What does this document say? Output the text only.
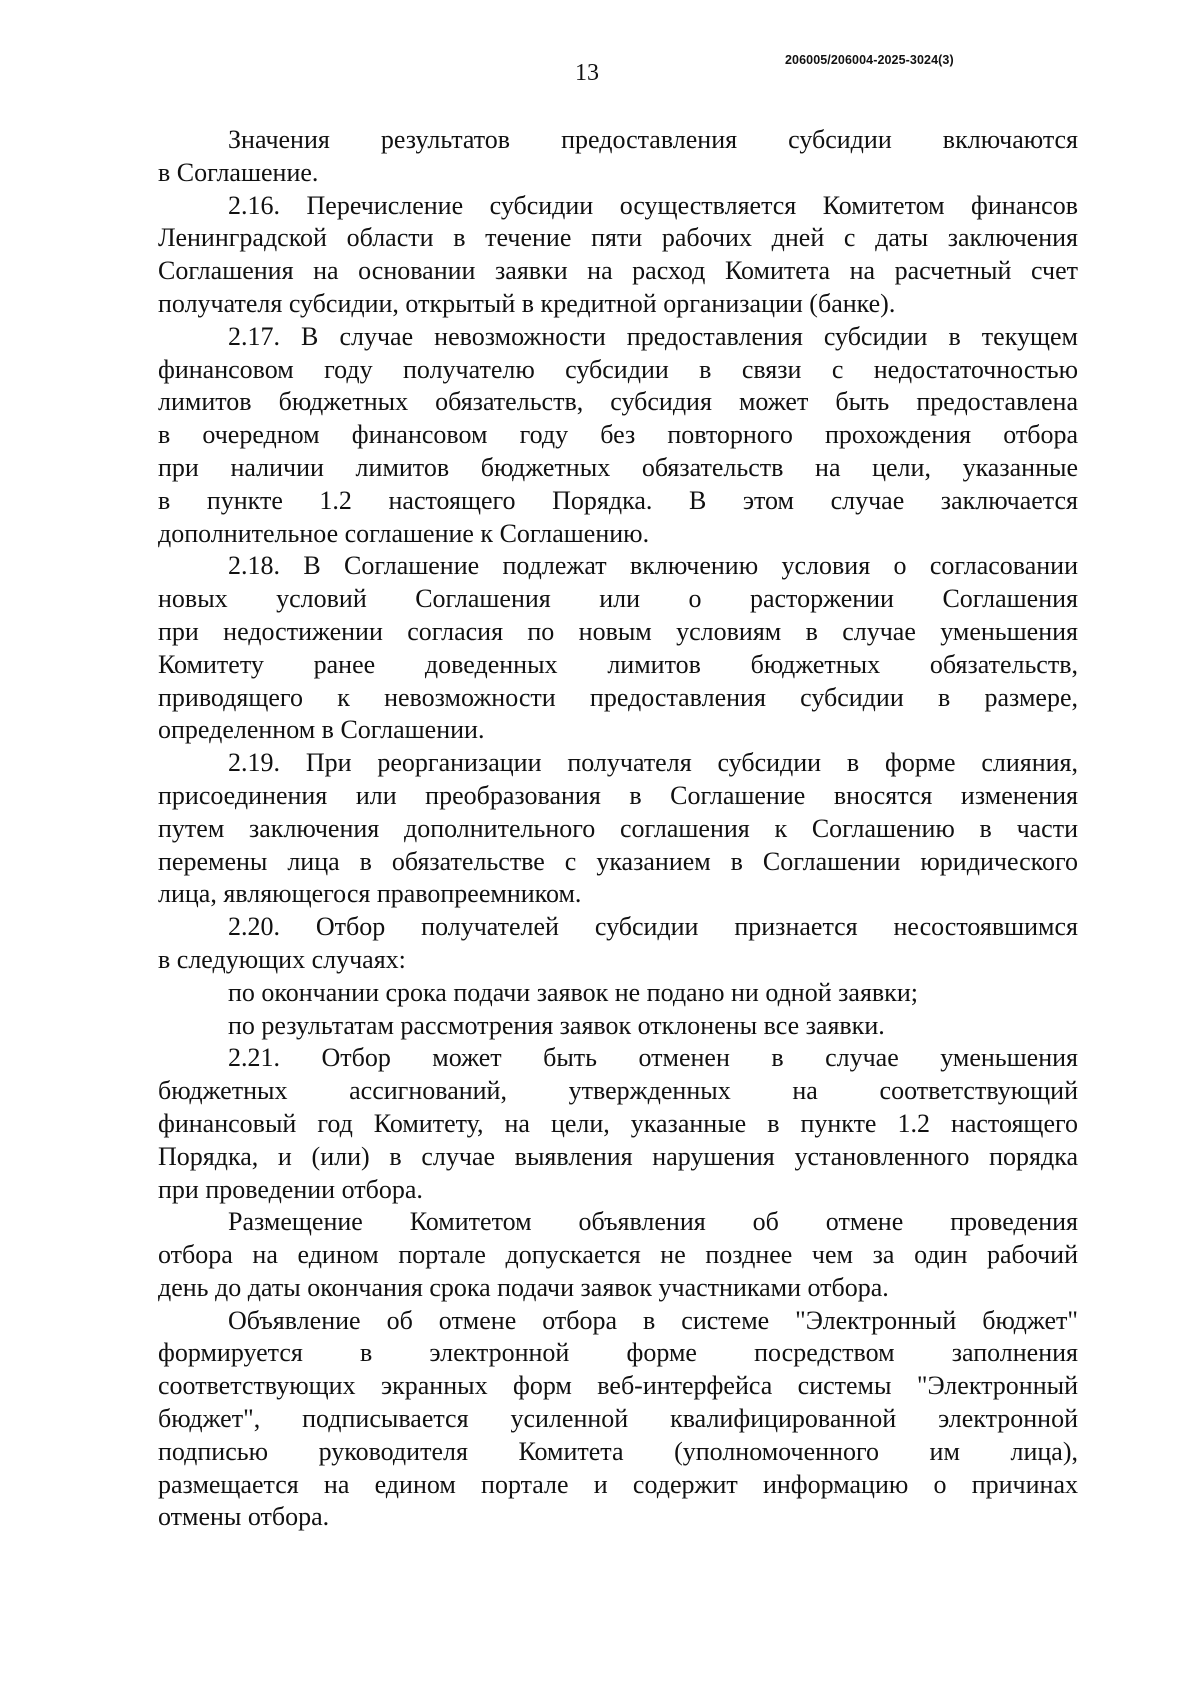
13	206005/206004-2025-3024(3)
Значения результатов предоставления субсидии включаются
в Соглашение.
2.16. Перечисление субсидии осуществляется Комитетом финансов
Ленинградской области в течение пяти рабочих дней с даты заключения
Соглашения на основании заявки на расход Комитета на расчетный счет
получателя субсидии, открытый в кредитной организации (банке).
2.17. В случае невозможности предоставления субсидии в текущем
финансовом году получателю субсидии в связи с недостаточностью
лимитов бюджетных обязательств, субсидия может быть предоставлена
в очередном финансовом году без повторного прохождения отбора
при наличии лимитов бюджетных обязательств на цели, указанные
в пункте 1.2 настоящего Порядка. В этом случае заключается
дополнительное соглашение к Соглашению.
2.18. В Соглашение подлежат включению условия о согласовании
новых условий Соглашения или о расторжении Соглашения
при недостижении согласия по новым условиям в случае уменьшения
Комитету ранее доведенных лимитов бюджетных обязательств,
приводящего к невозможности предоставления субсидии в размере,
определенном в Соглашении.
2.19. При реорганизации получателя субсидии в форме слияния,
присоединения или преобразования в Соглашение вносятся изменения
путем заключения дополнительного соглашения к Соглашению в части
перемены лица в обязательстве с указанием в Соглашении юридического
лица, являющегося правопреемником.
2.20. Отбор получателей субсидии признается несостоявшимся
в следующих случаях:
по окончании срока подачи заявок не подано ни одной заявки;
по результатам рассмотрения заявок отклонены все заявки.
2.21. Отбор может быть отменен в случае уменьшения
бюджетных ассигнований, утвержденных на соответствующий
финансовый год Комитету, на цели, указанные в пункте 1.2 настоящего
Порядка, и (или) в случае выявления нарушения установленного порядка
при проведении отбора.
Размещение Комитетом объявления об отмене проведения
отбора на едином портале допускается не позднее чем за один рабочий
день до даты окончания срока подачи заявок участниками отбора.
Объявление об отмене отбора в системе "Электронный бюджет"
формируется в электронной форме посредством заполнения
соответствующих экранных форм веб-интерфейса системы "Электронный
бюджет", подписывается усиленной квалифицированной электронной
подписью руководителя Комитета (уполномоченного им лица),
размещается на едином портале и содержит информацию о причинах
отмены отбора.
